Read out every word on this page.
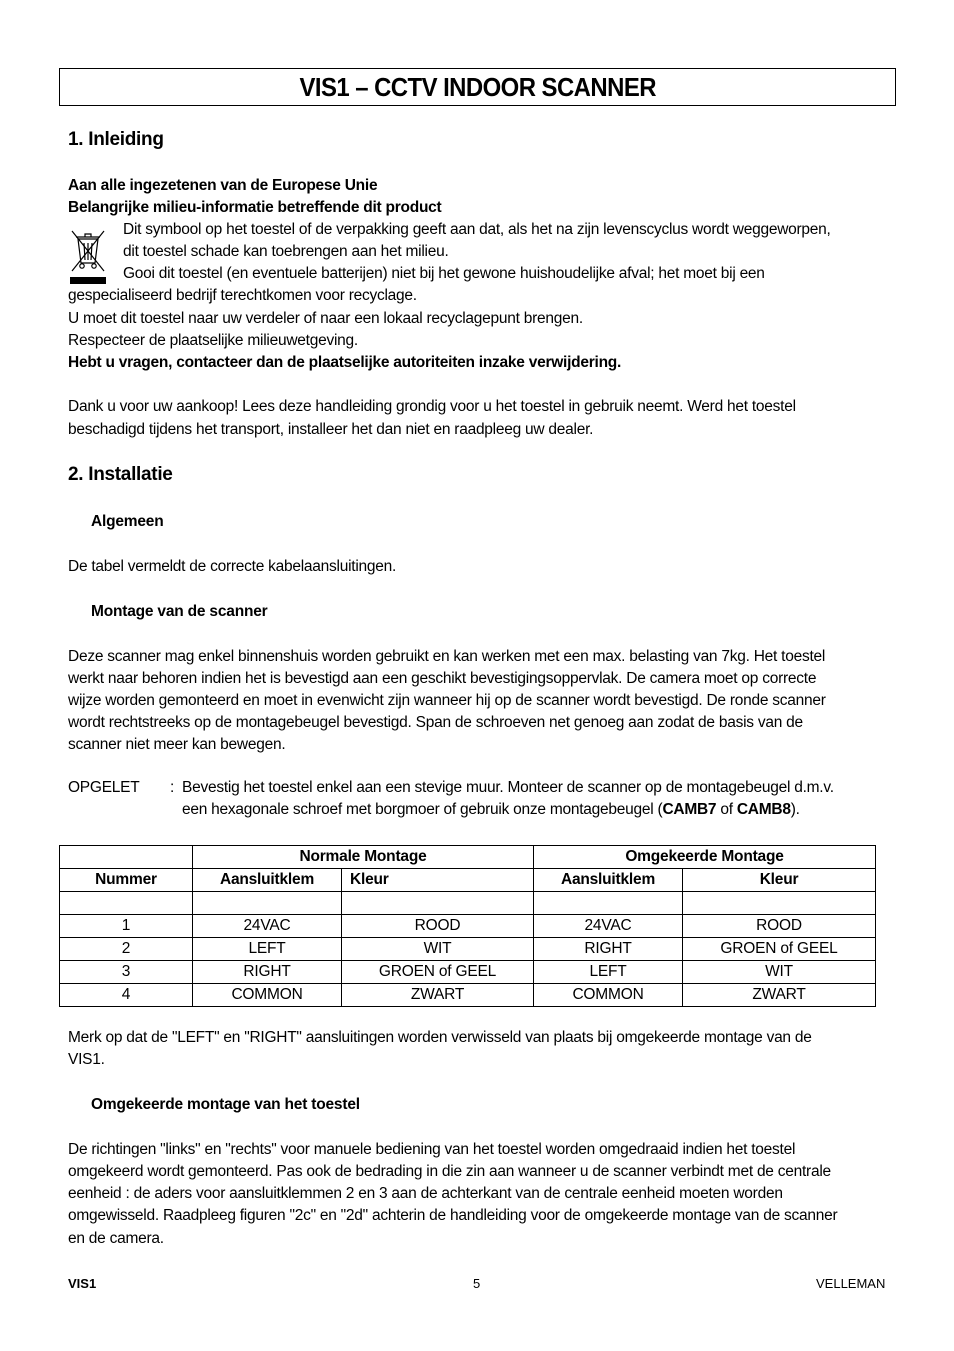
VIS1 – CCTV INDOOR SCANNER
1. Inleiding
Aan alle ingezetenen van de Europese Unie
Belangrijke milieu-informatie betreffende dit product
Dit symbool op het toestel of de verpakking geeft aan dat, als het na zijn levenscyclus wordt weggeworpen,
dit toestel schade kan toebrengen aan het milieu.
Gooi dit toestel (en eventuele batterijen) niet bij het gewone huishoudelijke afval; het moet bij een
gespecialiseerd bedrijf terechtkomen voor recyclage.
U moet dit toestel naar uw verdeler of naar een lokaal recyclagepunt brengen.
Respecteer de plaatselijke milieuwetgeving.
Hebt u vragen, contacteer dan de plaatselijke autoriteiten inzake verwijdering.
Dank u voor uw aankoop! Lees deze handleiding grondig voor u het toestel in gebruik neemt. Werd het toestel
beschadigd tijdens het transport, installeer het dan niet en raadpleeg uw dealer.
2. Installatie
Algemeen
De tabel vermeldt de correcte kabelaansluitingen.
Montage van de scanner
Deze scanner mag enkel binnenshuis worden gebruikt en kan werken met een max. belasting van 7kg. Het toestel
werkt naar behoren indien het is bevestigd aan een geschikt bevestigingsoppervlak. De camera moet op correcte
wijze worden gemonteerd en moet in evenwicht zijn wanneer hij op de scanner wordt bevestigd. De ronde scanner
wordt rechtstreeks op de montagebeugel bevestigd. Span de schroeven net genoeg aan zodat de basis van de
scanner niet meer kan bewegen.
OPGELET : Bevestig het toestel enkel aan een stevige muur. Monteer de scanner op de montagebeugel d.m.v.
een hexagonale schroef met borgmoer of gebruik onze montagebeugel (CAMB7 of CAMB8).
	Normale Montage		Omgekeerde Montage	
Nummer	Aansluitklem	Kleur	Aansluitklem	Kleur

1	24VAC	ROOD	24VAC	ROOD
2	LEFT	WIT	RIGHT	GROEN of GEEL
3	RIGHT	GROEN of GEEL	LEFT	WIT
4	COMMON	ZWART	COMMON	ZWART
Merk op dat de "LEFT" en "RIGHT" aansluitingen worden verwisseld van plaats bij omgekeerde montage van de
VIS1.
Omgekeerde montage van het toestel
De richtingen "links" en "rechts" voor manuele bediening van het toestel worden omgedraaid indien het toestel
omgekeerd wordt gemonteerd. Pas ook de bedrading in die zin aan wanneer u de scanner verbindt met de centrale
eenheid : de aders voor aansluitklemmen 2 en 3 aan de achterkant van de centrale eenheid moeten worden
omgewisseld. Raadpleeg figuren "2c" en "2d" achterin de handleiding voor de omgekeerde montage van de scanner
en de camera.
VIS1	5	VELLEMAN
